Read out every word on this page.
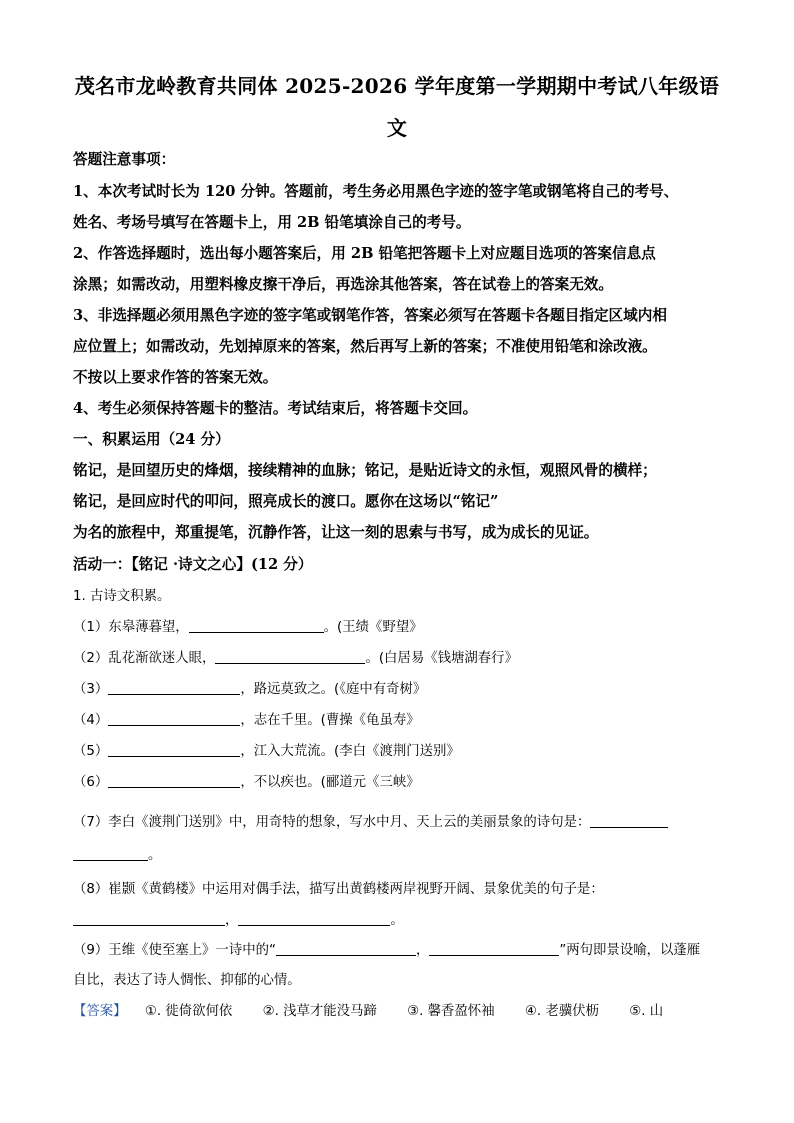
茂名市龙岭教育共同体 2025-2026 学年度第一学期期中考试八年级语
文
答题注意事项：
1、本次考试时长为 120 分钟。答题前，考生务必用黑色字迹的签字笔或钢笔将自己的考号、
姓名、考场号填写在答题卡上，用 2B 铅笔填涂自己的考号。
2、作答选择题时，选出每小题答案后，用 2B 铅笔把答题卡上对应题目选项的答案信息点
涂黑；如需改动，用塑料橡皮擦干净后，再选涂其他答案，答在试卷上的答案无效。
3、非选择题必须用黑色字迹的签字笔或钢笔作答，答案必须写在答题卡各题目指定区域内相
应位置上；如需改动，先划掉原来的答案，然后再写上新的答案；不准使用铅笔和涂改液。
不按以上要求作答的答案无效。
4、考生必须保持答题卡的整洁。考试结束后，将答题卡交回。
一、积累运用（24 分）
铭记，是回望历史的烽烟，接续精神的血脉；铭记，是贴近诗文的永恒，观照风骨的横样；
铭记，是回应时代的叩问，照亮成长的渡口。愿你在这场以“铭记”
为名的旅程中，郑重提笔，沉静作答，让这一刻的思索与书写，成为成长的见证。
活动一：【铭记 ·诗文之心】(12 分）
1. 古诗文积累。
（1）东皋薄暮望，	。(王绩《野望》
（2）乱花渐欲迷人眼，	。(白居易《钱塘湖春行》
（3）	，路远莫致之。(《庭中有奇树》
（4）	，志在千里。(曹操《龟虽寿》
（5）	，江入大荒流。(李白《渡荆门送别》
（6）	，不以疾也。(郦道元《三峡》
（7）李白《渡荆门送别》中，用奇特的想象，写水中月、天上云的美丽景象的诗句是：
。
（8）崔颢《黄鹤楼》中运用对偶手法，描写出黄鹤楼两岸视野开阔、景象优美的句子是：
，	。
（9）王维《使至塞上》一诗中的“	，	”两句即景设喻，以蓬雁
自比，表达了诗人惆怅、抑郁的心情。
【答案】 ①. 徙倚欲何依 ②. 浅草才能没马蹄 ③. 馨香盈怀袖 ④. 老骥伏枥 ⑤. 山
